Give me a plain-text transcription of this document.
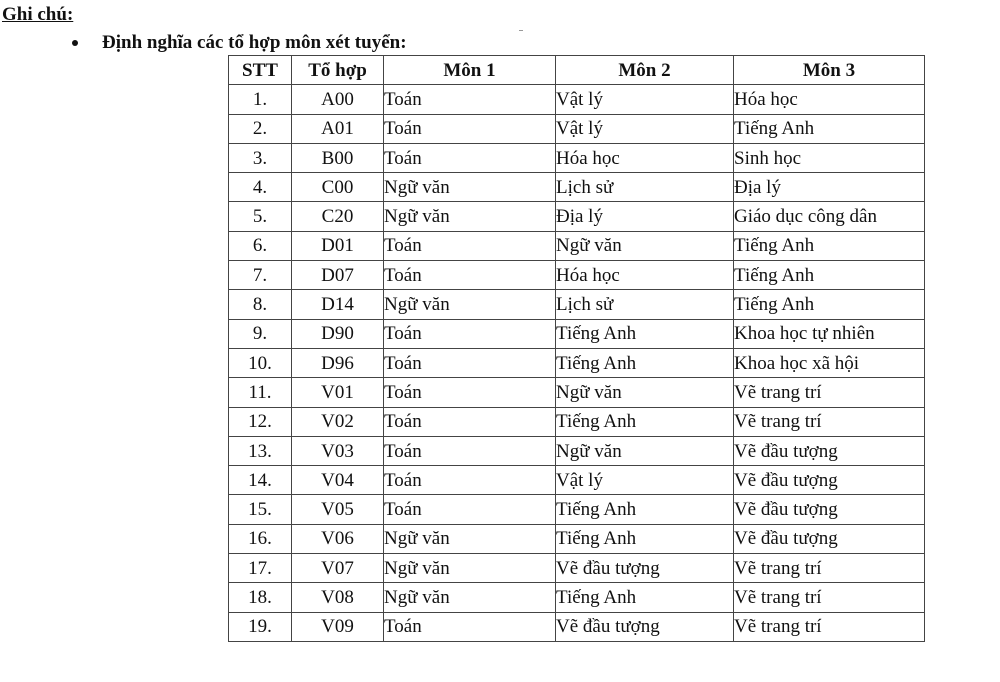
Ghi chú:

Định nghĩa các tổ hợp môn xét tuyển:

STT	Tổ hợp	Môn 1	Môn 2	Môn 3
1.	A00	Toán	Vật lý	Hóa học
2.	A01	Toán	Vật lý	Tiếng Anh
3.	B00	Toán	Hóa học	Sinh học
4.	C00	Ngữ văn	Lịch sử	Địa lý
5.	C20	Ngữ văn	Địa lý	Giáo dục công dân
6.	D01	Toán	Ngữ văn	Tiếng Anh
7.	D07	Toán	Hóa học	Tiếng Anh
8.	D14	Ngữ văn	Lịch sử	Tiếng Anh
9.	D90	Toán	Tiếng Anh	Khoa học tự nhiên
10.	D96	Toán	Tiếng Anh	Khoa học xã hội
11.	V01	Toán	Ngữ văn	Vẽ trang trí
12.	V02	Toán	Tiếng Anh	Vẽ trang trí
13.	V03	Toán	Ngữ văn	Vẽ đầu tượng
14.	V04	Toán	Vật lý	Vẽ đầu tượng
15.	V05	Toán	Tiếng Anh	Vẽ đầu tượng
16.	V06	Ngữ văn	Tiếng Anh	Vẽ đầu tượng
17.	V07	Ngữ văn	Vẽ đầu tượng	Vẽ trang trí
18.	V08	Ngữ văn	Tiếng Anh	Vẽ trang trí
19.	V09	Toán	Vẽ đầu tượng	Vẽ trang trí
